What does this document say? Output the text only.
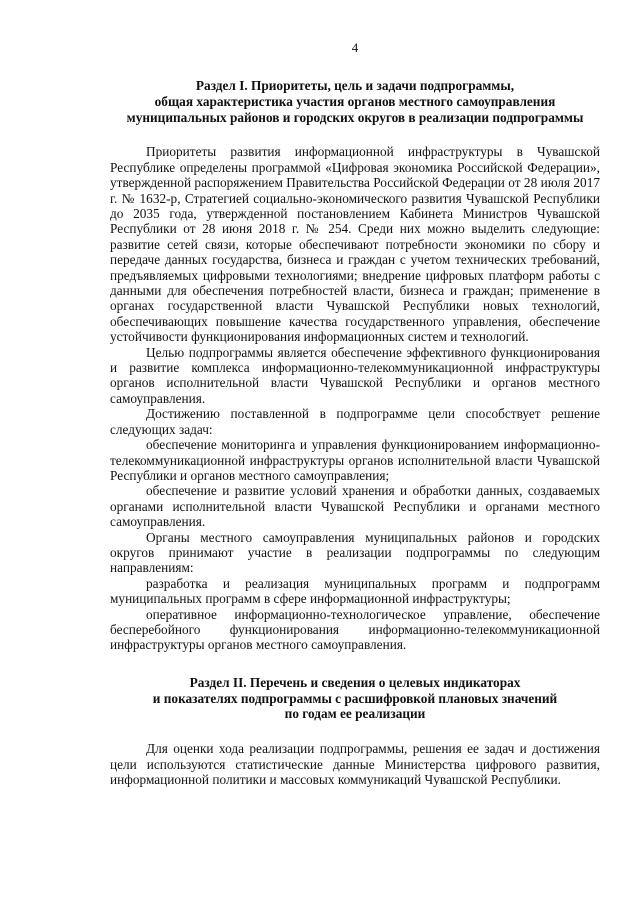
4
Раздел I. Приоритеты, цель и задачи подпрограммы,
общая характеристика участия органов местного самоуправления
муниципальных районов и городских округов в реализации подпрограммы

Приоритеты развития информационной инфраструктуры в Чувашской Республике определены программой «Цифровая экономика Российской Федерации», утвержденной распоряжением Правительства Российской Федерации от 28 июля 2017 г. № 1632-р, Стратегией социально-экономического развития Чувашской Республики до 2035 года, утвержденной постановлением Кабинета Министров Чувашской Республики от 28 июня 2018 г. № 254. Среди них можно выделить следующие: развитие сетей связи, которые обеспечивают потребности экономики по сбору и передаче данных государства, бизнеса и граждан с учетом технических требований, предъявляемых цифровыми технологиями; внедрение цифровых платформ работы с данными для обеспечения потребностей власти, бизнеса и граждан; применение в органах государственной власти Чувашской Республики новых технологий, обеспечивающих повышение качества государственного управления, обеспечение устойчивости функционирования информационных систем и технологий.

Целью подпрограммы является обеспечение эффективного функционирования и развитие комплекса информационно-телекоммуникационной инфраструктуры органов исполнительной власти Чувашской Республики и органов местного самоуправления.

Достижению поставленной в подпрограмме цели способствует решение следующих задач:

обеспечение мониторинга и управления функционированием информационно-телекоммуникационной инфраструктуры органов исполнительной власти Чувашской Республики и органов местного самоуправления;

обеспечение и развитие условий хранения и обработки данных, создаваемых органами исполнительной власти Чувашской Республики и органами местного самоуправления.

Органы местного самоуправления муниципальных районов и городских округов принимают участие в реализации подпрограммы по следующим направлениям:

разработка и реализация муниципальных программ и подпрограмм муниципальных программ в сфере информационной инфраструктуры;

оперативное информационно-технологическое управление, обеспечение бесперебойного функционирования информационно-телекоммуникационной инфраструктуры органов местного самоуправления.

Раздел II. Перечень и сведения о целевых индикаторах
и показателях подпрограммы с расшифровкой плановых значений
по годам ее реализации

Для оценки хода реализации подпрограммы, решения ее задач и достижения цели используются статистические данные Министерства цифрового развития, информационной политики и массовых коммуникаций Чувашской Республики.
